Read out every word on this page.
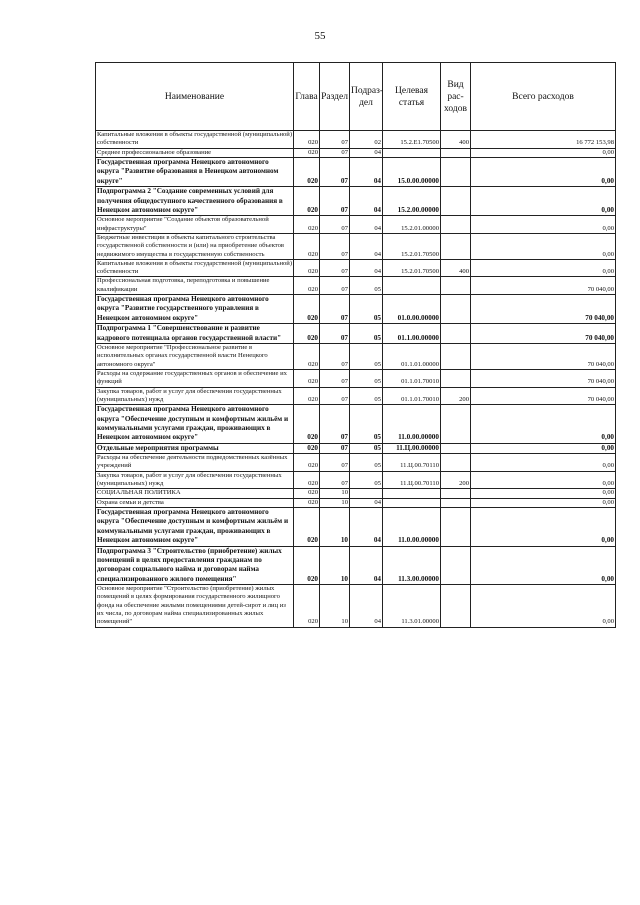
55
Наименование	Глава	Раздел	Подраз-дел	Целевая статья	Вид рас-ходов	Всего расходов
Капитальные вложения в объекты государственной (муниципальной) собственности	020	07	02	15.2.Е1.70500	400	16 772 153,98
Среднее профессиональное образование	020	07	04			0,00
Государственная программа Ненецкого автономного округа "Развитие образования в Ненецком автономном округе"	020	07	04	15.0.00.00000		0,00
Подпрограмма 2 "Создание современных условий для получения общедоступного качественного образования в Ненецком автономном округе"	020	07	04	15.2.00.00000		0,00
Основное мероприятие "Создание объектов образовательной инфраструктуры"	020	07	04	15.2.01.00000		0,00
Бюджетные инвестиции в объекты капитального строительства государственной собственности и (или) на приобретение объектов недвижимого имущества в государственную собственность	020	07	04	15.2.01.70500		0,00
Капитальные вложения в объекты государственной (муниципальной) собственности	020	07	04	15.2.01.70500	400	0,00
Профессиональная подготовка, переподготовка и повышение квалификации	020	07	05			70 040,00
Государственная программа Ненецкого автономного округа "Развитие государственного управления в Ненецком автономном округе"	020	07	05	01.0.00.00000		70 040,00
Подпрограмма 1 "Совершенствование и развитие кадрового потенциала органов государственной власти"	020	07	05	01.1.00.00000		70 040,00
Основное мероприятие "Профессиональное развитие в исполнительных органах государственной власти Ненецкого автономного округа"	020	07	05	01.1.01.00000		70 040,00
Расходы на содержание государственных органов и обеспечение их функций	020	07	05	01.1.01.70010		70 040,00
Закупка товаров, работ и услуг для обеспечения государственных (муниципальных) нужд	020	07	05	01.1.01.70010	200	70 040,00
Государственная программа Ненецкого автономного округа "Обеспечение доступным и комфортным жильём и коммунальными услугами граждан, проживающих в Ненецком автономном округе"	020	07	05	11.0.00.00000		0,00
Отдельные мероприятия программы	020	07	05	11.Ц.00.00000		0,00
Расходы на обеспечение деятельности подведомственных казённых учреждений	020	07	05	11.Ц.00.70110		0,00
Закупка товаров, работ и услуг для обеспечения государственных (муниципальных) нужд	020	07	05	11.Ц.00.70110	200	0,00
СОЦИАЛЬНАЯ ПОЛИТИКА	020	10				0,00
Охрана семьи и детства	020	10	04			0,00
Государственная программа Ненецкого автономного округа "Обеспечение доступным и комфортным жильём и коммунальными услугами граждан, проживающих в Ненецком автономном округе"	020	10	04	11.0.00.00000		0,00
Подпрограмма 3 "Строительство (приобретение) жилых помещений в целях предоставления гражданам по договорам социального найма и договорам найма специализированного жилого помещения"	020	10	04	11.3.00.00000		0,00
Основное мероприятие "Строительство (приобретение) жилых помещений в целях формирования государственного жилищного фонда на обеспечение жилыми помещениями детей-сирот и лиц из их числа, по договорам найма специализированных жилых помещений"	020	10	04	11.3.01.00000		0,00
